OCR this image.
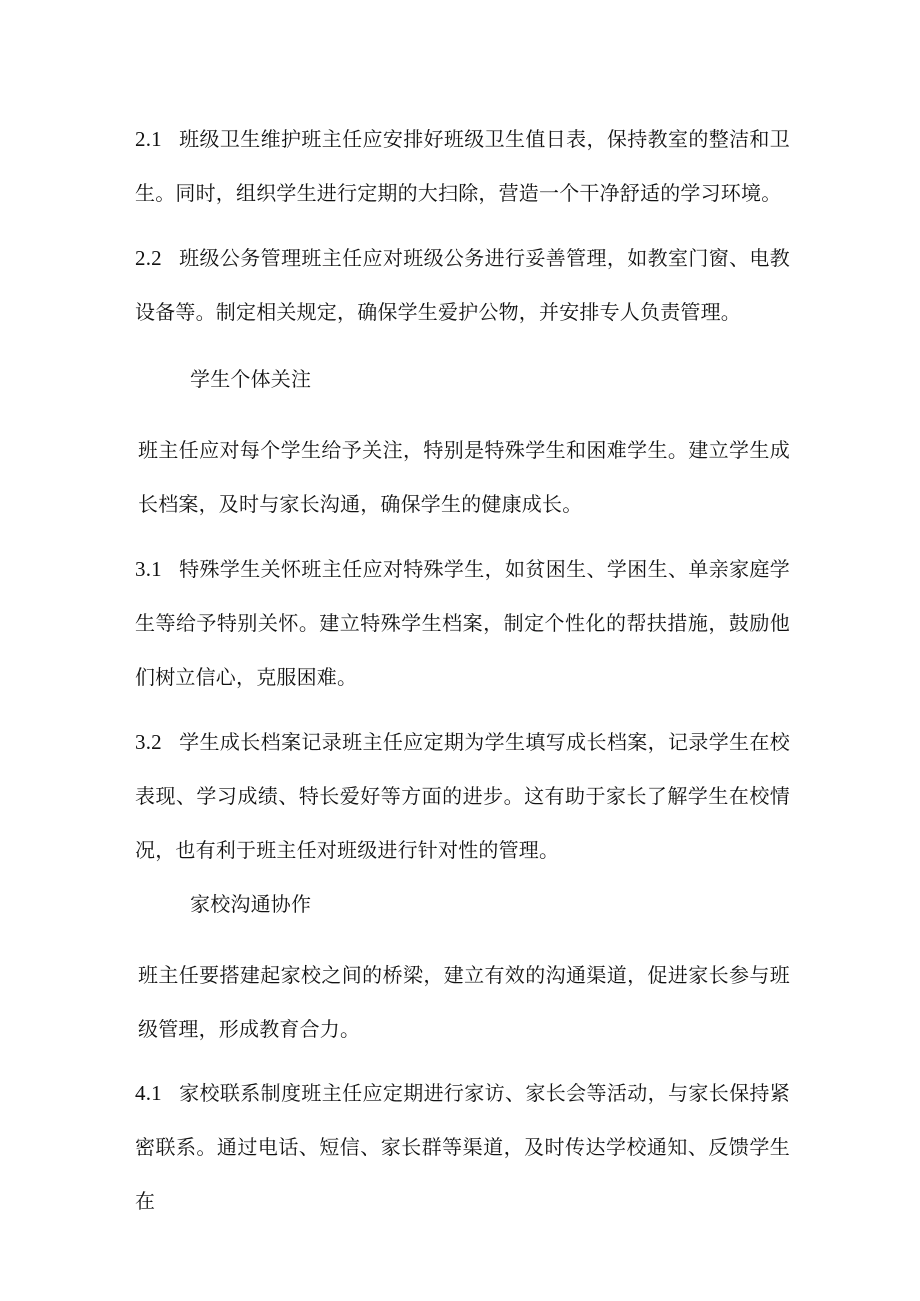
2.1 班级卫生维护班主任应安排好班级卫生值日表，保持教室的整洁和卫生。同时，组织学生进行定期的大扫除，营造一个干净舒适的学习环境。

2.2 班级公务管理班主任应对班级公务进行妥善管理，如教室门窗、电教设备等。制定相关规定，确保学生爱护公物，并安排专人负责管理。

学生个体关注

班主任应对每个学生给予关注，特别是特殊学生和困难学生。建立学生成长档案，及时与家长沟通，确保学生的健康成长。

3.1 特殊学生关怀班主任应对特殊学生，如贫困生、学困生、单亲家庭学生等给予特别关怀。建立特殊学生档案，制定个性化的帮扶措施，鼓励他们树立信心，克服困难。

3.2 学生成长档案记录班主任应定期为学生填写成长档案，记录学生在校表现、学习成绩、特长爱好等方面的进步。这有助于家长了解学生在校情况，也有利于班主任对班级进行针对性的管理。

家校沟通协作

班主任要搭建起家校之间的桥梁，建立有效的沟通渠道，促进家长参与班级管理，形成教育合力。

4.1 家校联系制度班主任应定期进行家访、家长会等活动，与家长保持紧密联系。通过电话、短信、家长群等渠道，及时传达学校通知、反馈学生在
